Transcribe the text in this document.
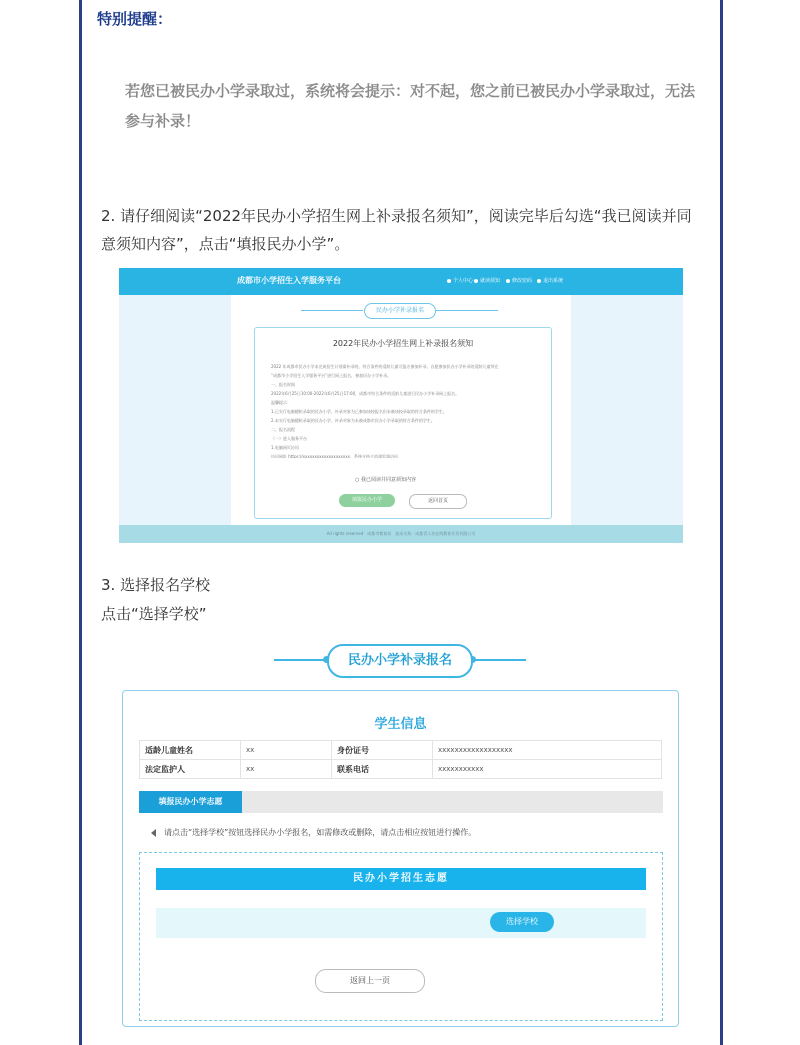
特别提醒：
若您已被民办小学录取过，系统将会提示：对不起，您之前已被民办小学录取过，无法参与补录！
2. 请仔细阅读“2022年民办小学招生网上补录报名须知”，阅读完毕后勾选“我已阅读并同意须知内容”，点击“填报民办小学”。
成都市小学招生入学服务平台	个人中心	就读须知	修改密码	退出系统
民办小学补录报名
2022年民办小学招生网上补录报名须知
2022 年成都市民办小学未完成招生计划需补录的，符合条件的适龄儿童可报名参加补录。自愿参加民办小学补录的适龄儿童须在
“成都市小学招生入学服务平台”进行网上报名，参加民办小学补录。
一、报名时间
2022年6月25日10:00-2022年6月25日17:00，成都市符合条件的适龄儿童进行民办小学补录网上报名。
温馨提示：
1.已实行电脑随机录取的民办小学，补录对象为已参加该校报名但未被该校录取的符合条件的学生。
2.未实行电脑随机录取的民办小学，补录对象为未被成都市民办小学录取的符合条件的学生。
二、报名流程
（一）进入服务平台
1.电脑网页访问
访问网址 https://xxxxxxxxxxxxxxxxxxxx，系统支持主流浏览器访问
○ 我已阅读并同意须知内容
填报民办小学	返回首页
All rights reserved：成都市教育局　技术支持：成都青人坊在线教育开发有限公司
3. 选择报名学校
点击“选择学校”
民办小学补录报名
学生信息
适龄儿童姓名	xx	身份证号	xxxxxxxxxxxxxxxxxx
法定监护人	xx	联系电话	xxxxxxxxxxx
填报民办小学志愿
请点击“选择学校”按钮选择民办小学报名，如需修改或删除，请点击相应按钮进行操作。
民办小学招生志愿
选择学校
返回上一页
